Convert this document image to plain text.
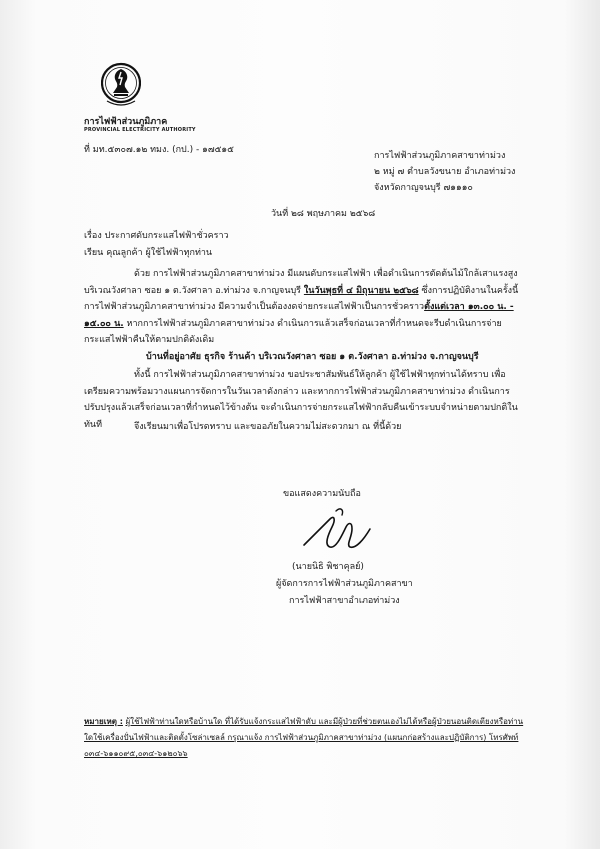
การไฟฟ้าส่วนภูมิภาค
PROVINCIAL ELECTRICITY AUTHORITY
ที่ มท.๕๓๐๗.๑๒ ทมง. (กป.) - ๑๗๕๑๕
การไฟฟ้าส่วนภูมิภาคสาขาท่าม่วง
๒ หมู่ ๗ ตำบลวังขนาย อำเภอท่าม่วง
จังหวัดกาญจนบุรี ๗๑๑๑๐
วันที่ ๒๘ พฤษภาคม ๒๕๖๘
เรื่อง ประกาศดับกระแสไฟฟ้าชั่วคราว
เรียน คุณลูกค้า ผู้ใช้ไฟฟ้าทุกท่าน
ด้วย การไฟฟ้าส่วนภูมิภาคสาขาท่าม่วง มีแผนดับกระแสไฟฟ้า เพื่อดำเนินการตัดต้นไม้ใกล้เสาแรงสูง บริเวณวังศาลา ซอย ๑ ต.วังศาลา อ.ท่าม่วง จ.กาญจนบุรี ในวันพุธที่ ๔ มิถุนายน ๒๕๖๘ ซึ่งการปฏิบัติงานในครั้งนี้ การไฟฟ้าส่วนภูมิภาคสาขาท่าม่วง มีความจำเป็นต้องงดจ่ายกระแสไฟฟ้าเป็นการชั่วคราวตั้งแต่เวลา ๑๓.๐๐ น. - ๑๕.๐๐ น. หากการไฟฟ้าส่วนภูมิภาคสาขาท่าม่วง ดำเนินการแล้วเสร็จก่อนเวลาที่กำหนดจะรีบดำเนินการจ่ายกระแสไฟฟ้าคืนให้ตามปกติดังเดิม
บ้านที่อยู่อาศัย ธุรกิจ ร้านค้า บริเวณวังศาลา ซอย ๑ ต.วังศาลา อ.ท่าม่วง จ.กาญจนบุรี
ทั้งนี้ การไฟฟ้าส่วนภูมิภาคสาขาท่าม่วง ขอประชาสัมพันธ์ให้ลูกค้า ผู้ใช้ไฟฟ้าทุกท่านได้ทราบ เพื่อเตรียมความพร้อมวางแผนการจัดการในวันเวลาดังกล่าว และหากการไฟฟ้าส่วนภูมิภาคสาขาท่าม่วง ดำเนินการปรับปรุงแล้วเสร็จก่อนเวลาที่กำหนดไว้ข้างต้น จะดำเนินการจ่ายกระแสไฟฟ้ากลับคืนเข้าระบบจำหน่ายตามปกติในทันที	จึงเรียนมาเพื่อโปรดทราบ และขออภัยในความไม่สะดวกมา ณ ที่นี้ด้วย
ขอแสดงความนับถือ
(นายนิธิ พิชาคุลย์)
ผู้จัดการการไฟฟ้าส่วนภูมิภาคสาขา
การไฟฟ้าสาขาอำเภอท่าม่วง
หมายเหตุ : ผู้ใช้ไฟฟ้าท่านใดหรือบ้านใด ที่ได้รับแจ้งกระแสไฟฟ้าดับ และมีผู้ป่วยที่ช่วยตนเองไม่ได้หรือผู้ป่วยนอนติดเตียงหรือท่านใดใช้เครื่องปั่นไฟฟ้าและติดตั้งโซล่าเซลล์ กรุณาแจ้ง การไฟฟ้าส่วนภูมิภาคสาขาท่าม่วง (แผนกก่อสร้างและปฏิบัติการ) โทรศัพท์ ๐๓๔-๖๑๑๐๙๕,๐๓๔-๖๑๒๐๖๖
